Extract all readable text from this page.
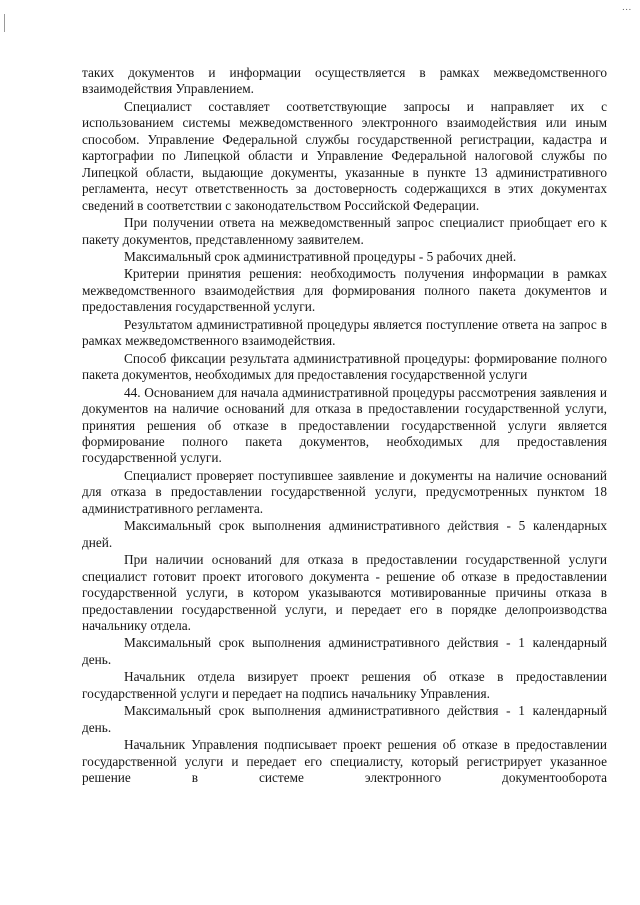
...

таких документов и информации осуществляется в рамках межведомственного взаимодействия Управлением.

Специалист составляет соответствующие запросы и направляет их с использованием системы межведомственного электронного взаимодействия или иным способом. Управление Федеральной службы государственной регистрации, кадастра и картографии по Липецкой области и Управление Федеральной налоговой службы по Липецкой области, выдающие документы, указанные в пункте 13 административного регламента, несут ответственность за достоверность содержащихся в этих документах сведений в соответствии с законодательством Российской Федерации.

При получении ответа на межведомственный запрос специалист приобщает его к пакету документов, представленному заявителем.

Максимальный срок административной процедуры - 5 рабочих дней.

Критерии принятия решения: необходимость получения информации в рамках межведомственного взаимодействия для формирования полного пакета документов и предоставления государственной услуги.

Результатом административной процедуры является поступление ответа на запрос в рамках межведомственного взаимодействия.

Способ фиксации результата административной процедуры: формирование полного пакета документов, необходимых для предоставления государственной услуги

44. Основанием для начала административной процедуры рассмотрения заявления и документов на наличие оснований для отказа в предоставлении государственной услуги, принятия решения об отказе в предоставлении государственной услуги является формирование полного пакета документов, необходимых для предоставления государственной услуги.

Специалист проверяет поступившее заявление и документы на наличие оснований для отказа в предоставлении государственной услуги, предусмотренных пунктом 18 административного регламента.

Максимальный срок выполнения административного действия - 5 календарных дней.

При наличии оснований для отказа в предоставлении государственной услуги специалист готовит проект итогового документа - решение об отказе в предоставлении государственной услуги, в котором указываются мотивированные причины отказа в предоставлении государственной услуги, и передает его в порядке делопроизводства начальнику отдела.

Максимальный срок выполнения административного действия - 1 календарный день.

Начальник отдела визирует проект решения об отказе в предоставлении государственной услуги и передает на подпись начальнику Управления.

Максимальный срок выполнения административного действия - 1 календарный день.

Начальник Управления подписывает проект решения об отказе в предоставлении государственной услуги и передает его специалисту, который регистрирует указанное решение в системе электронного документооборота
